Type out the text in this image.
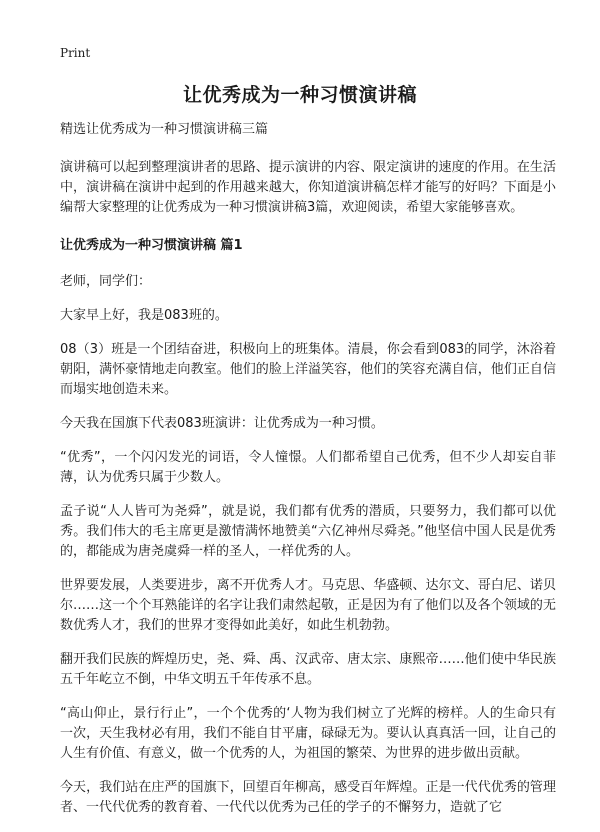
Print
让优秀成为一种习惯演讲稿

精选让优秀成为一种习惯演讲稿三篇

演讲稿可以起到整理演讲者的思路、提示演讲的内容、限定演讲的速度的作用。在生活中，演讲稿在演讲中起到的作用越来越大，你知道演讲稿怎样才能写的好吗？下面是小编帮大家整理的让优秀成为一种习惯演讲稿3篇，欢迎阅读，希望大家能够喜欢。

让优秀成为一种习惯演讲稿 篇1

老师，同学们：

大家早上好，我是083班的。

08（3）班是一个团结奋进，积极向上的班集体。清晨，你会看到083的同学，沐浴着朝阳，满怀豪情地走向教室。他们的脸上洋溢笑容，他们的笑容充满自信，他们正自信而塌实地创造未来。

今天我在国旗下代表083班演讲：让优秀成为一种习惯。

“优秀”，一个闪闪发光的词语，令人憧憬。人们都希望自己优秀，但不少人却妄自菲薄，认为优秀只属于少数人。

孟子说“人人皆可为尧舜”，就是说，我们都有优秀的潜质，只要努力，我们都可以优秀。我们伟大的毛主席更是激情满怀地赞美“六亿神州尽舜尧。”他坚信中国人民是优秀的，都能成为唐尧虞舜一样的圣人，一样优秀的人。

世界要发展，人类要进步，离不开优秀人才。马克思、华盛顿、达尔文、哥白尼、诺贝尔……这一个个耳熟能详的名字让我们肃然起敬，正是因为有了他们以及各个领域的无数优秀人才，我们的世界才变得如此美好，如此生机勃勃。

翻开我们民族的辉煌历史，尧、舜、禹、汉武帝、唐太宗、康熙帝……他们使中华民族五千年屹立不倒，中华文明五千年传承不息。

“高山仰止，景行行止”，一个个优秀的‘人物为我们树立了光辉的榜样。人的生命只有一次，天生我材必有用，我们不能自甘平庸，碌碌无为。要认认真真活一回，让自己的人生有价值、有意义，做一个优秀的人，为祖国的繁荣、为世界的进步做出贡献。

今天，我们站在庄严的国旗下，回望百年柳高，感受百年辉煌。正是一代代优秀的管理者、一代代优秀的教育着、一代代以优秀为己任的学子的不懈努力，造就了它
